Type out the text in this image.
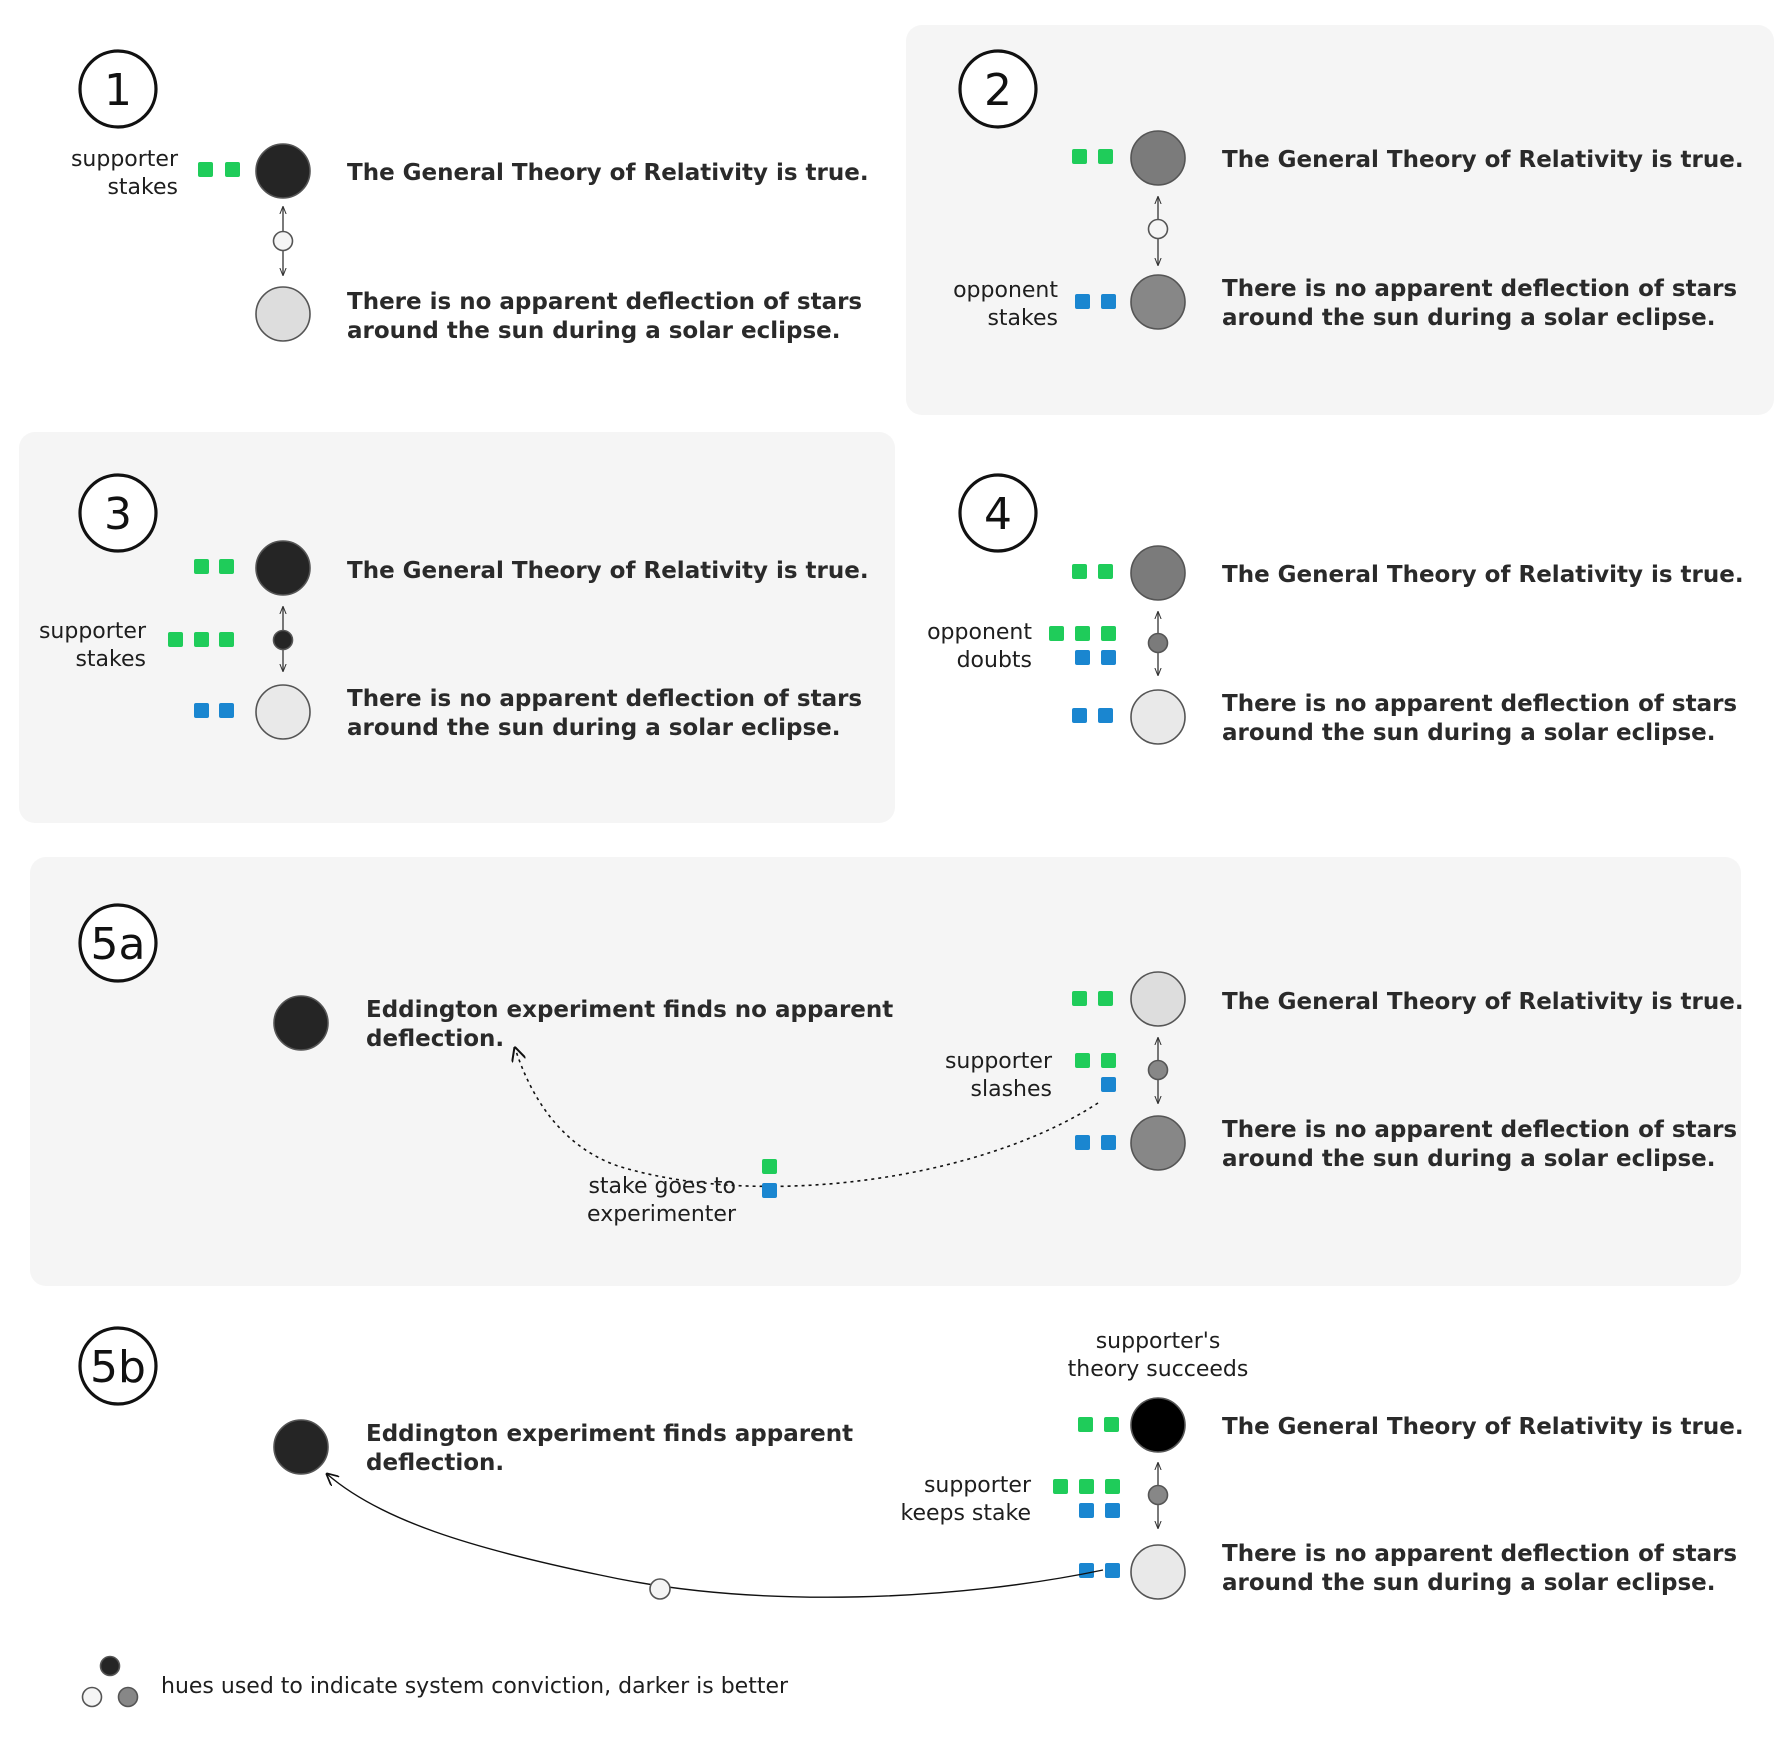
1
supporter
stakes
The General Theory of Relativity is true.
There is no apparent deflection of stars
around the sun during a solar eclipse.
2
opponent
stakes
The General Theory of Relativity is true.
There is no apparent deflection of stars
around the sun during a solar eclipse.
3
supporter
stakes
The General Theory of Relativity is true.
There is no apparent deflection of stars
around the sun during a solar eclipse.
4
opponent
doubts
The General Theory of Relativity is true.
There is no apparent deflection of stars
around the sun during a solar eclipse.
5a
Eddington experiment finds no apparent
deflection.
supporter
slashes
The General Theory of Relativity is true.
There is no apparent deflection of stars
around the sun during a solar eclipse.
stake goes to
experimenter
5b
Eddington experiment finds apparent
deflection.
supporter's
theory succeeds
supporter
keeps stake
The General Theory of Relativity is true.
There is no apparent deflection of stars
around the sun during a solar eclipse.
hues used to indicate system conviction, darker is better
